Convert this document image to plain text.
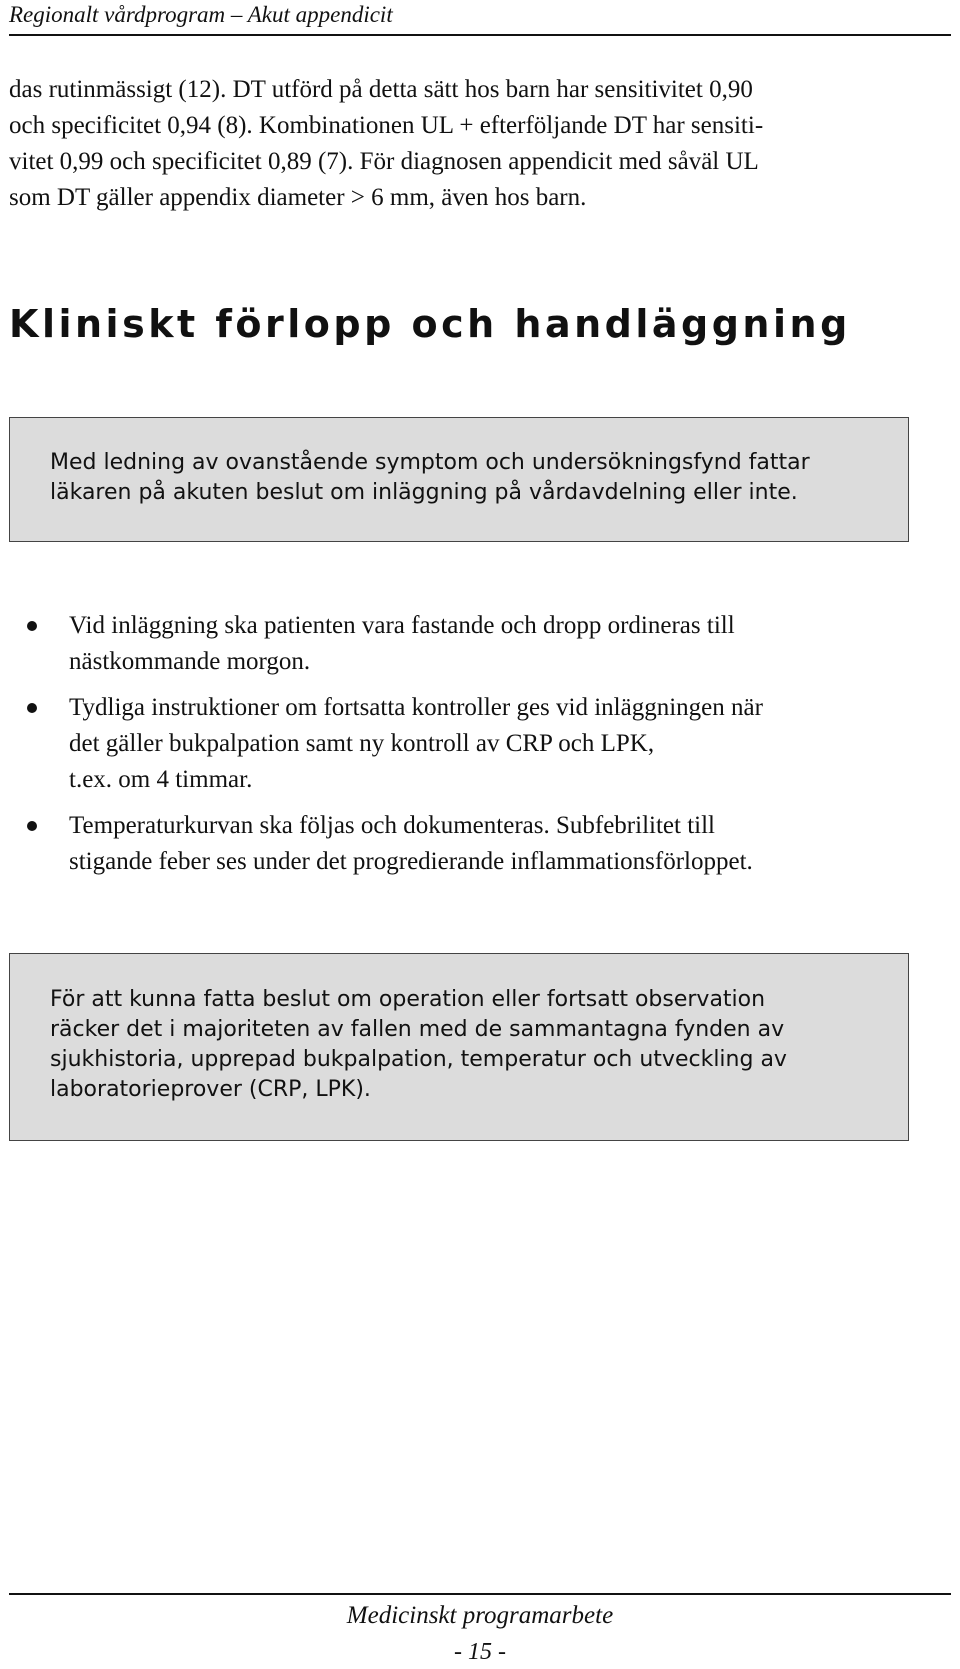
Regionalt vårdprogram – Akut appendicit

das rutinmässigt (12). DT utförd på detta sätt hos barn har sensitivitet 0,90

och specificitet 0,94 (8). Kombinationen UL + efterföljande DT har sensiti-

vitet 0,99 och specificitet 0,89 (7). För diagnosen appendicit med såväl UL

som DT gäller appendix diameter > 6 mm, även hos barn.

Kliniskt förlopp och handläggning

Med ledning av ovanstående symptom och undersökningsfynd fattar

läkaren på akuten beslut om inläggning på vårdavdelning eller inte.

Vid inläggning ska patienten vara fastande och dropp ordineras till
nästkommande morgon.
Tydliga instruktioner om fortsatta kontroller ges vid inläggningen när
det gäller bukpalpation samt ny kontroll av CRP och LPK,
t.ex. om 4 timmar.
Temperaturkurvan ska följas och dokumenteras. Subfebrilitet till
stigande feber ses under det progredierande inflammationsförloppet.

För att kunna fatta beslut om operation eller fortsatt observation

räcker det i majoriteten av fallen med de sammantagna fynden av

sjukhistoria, upprepad bukpalpation, temperatur och utveckling av

laboratorieprover (CRP, LPK).

Medicinskt programarbete
- 15 -
